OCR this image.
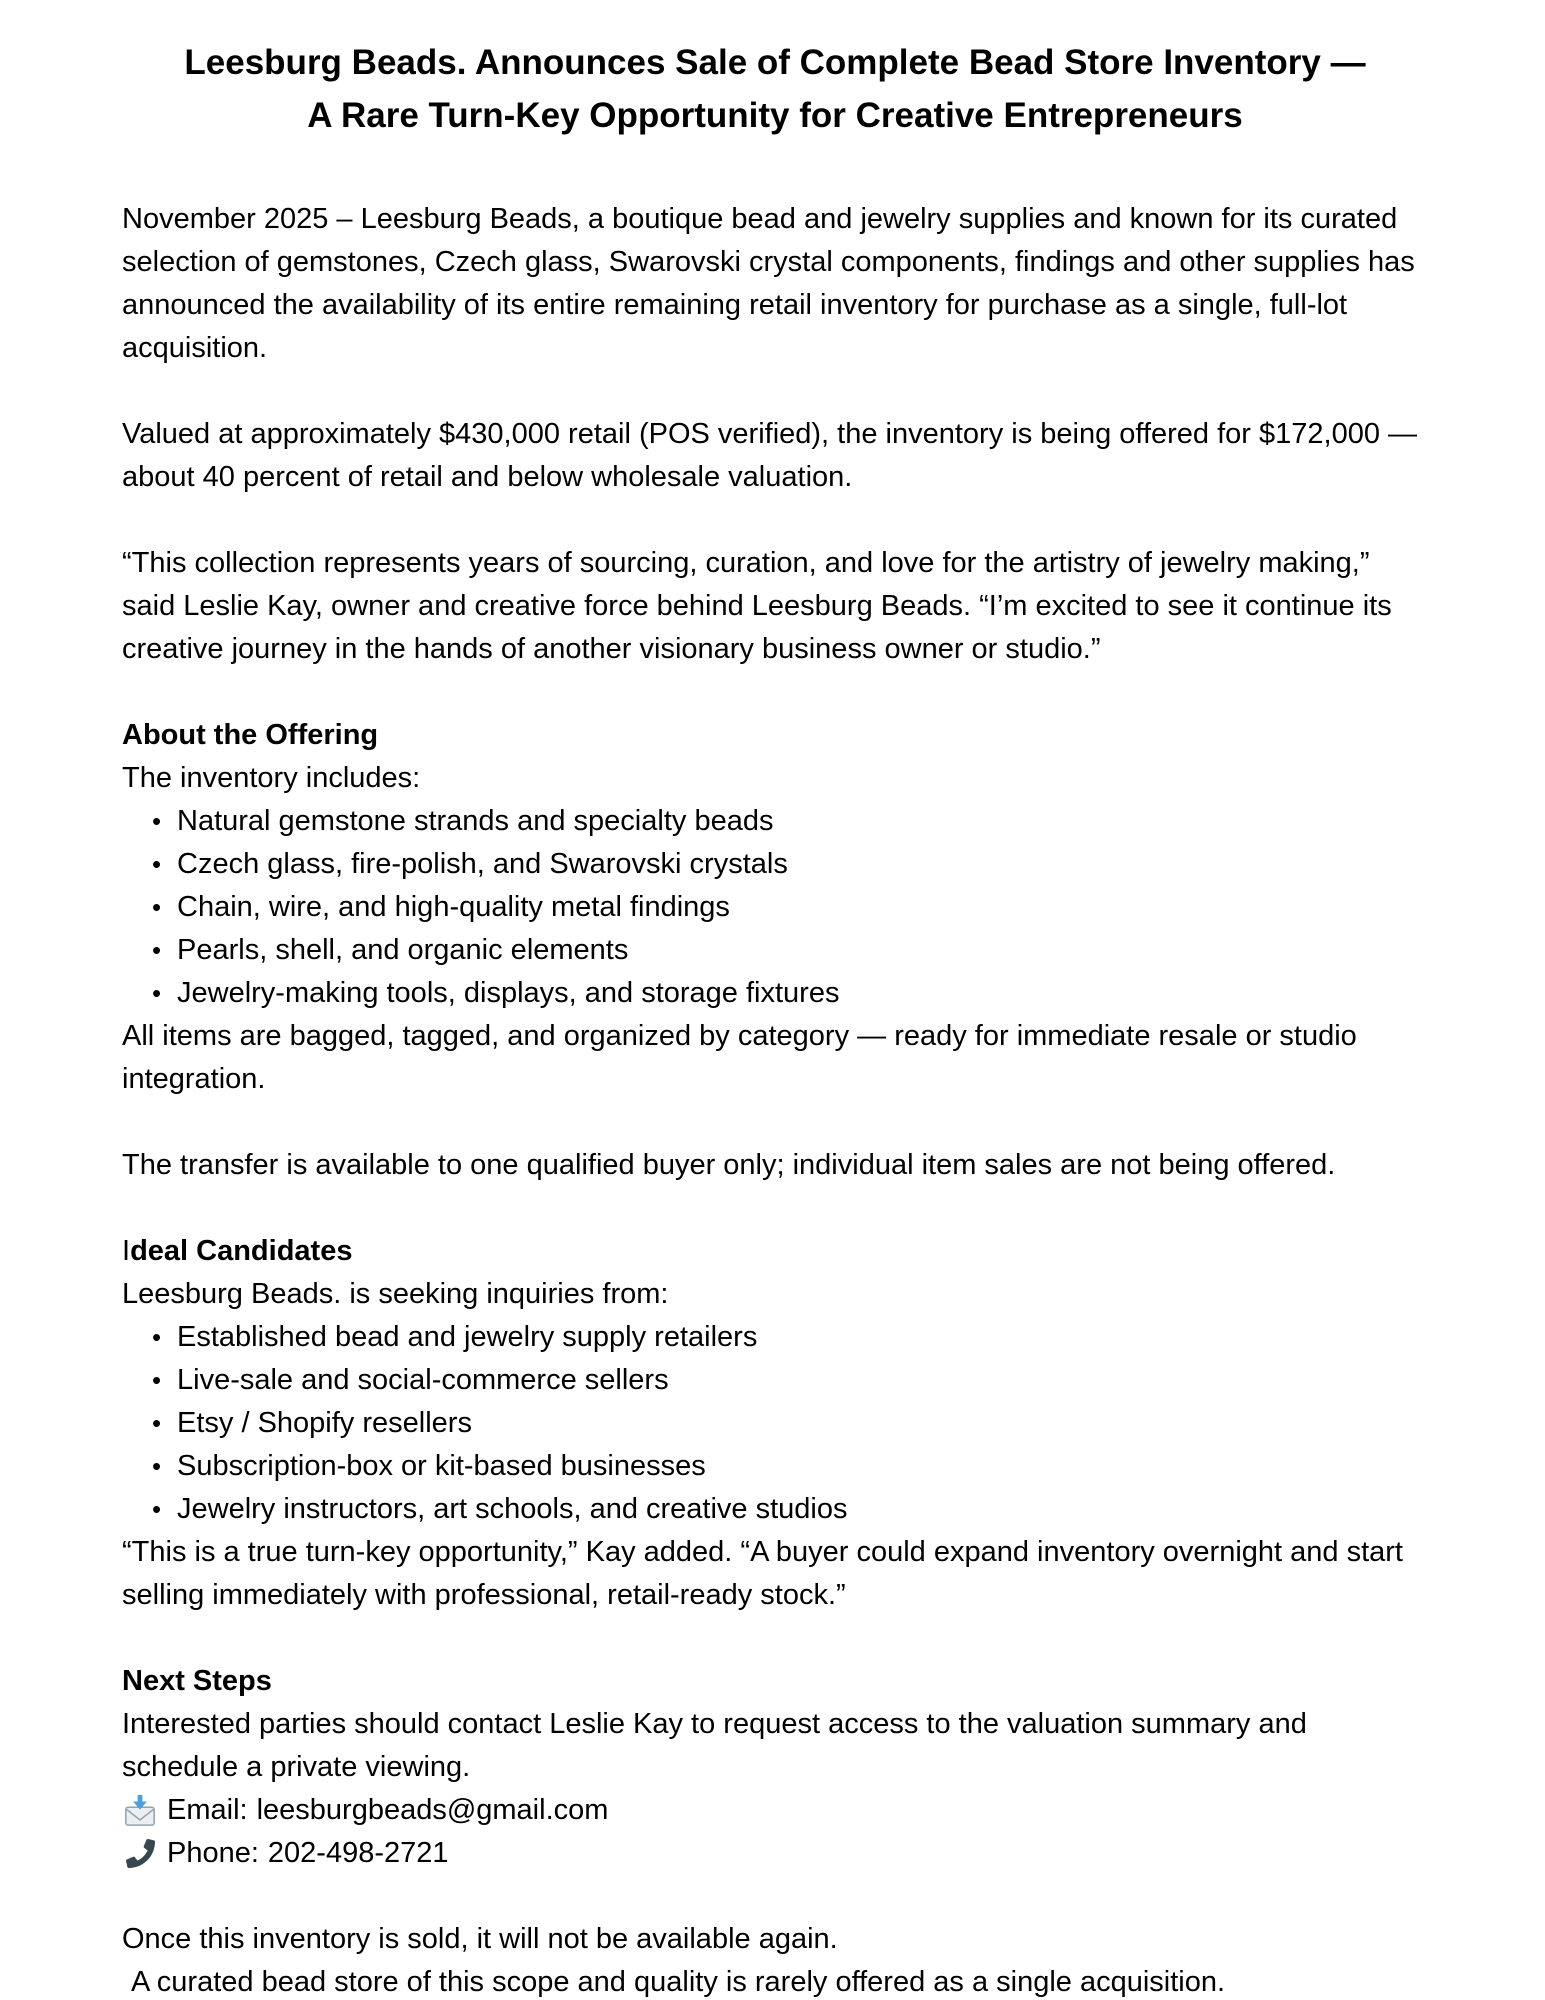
Leesburg Beads. Announces Sale of Complete Bead Store Inventory —
A Rare Turn-Key Opportunity for Creative Entrepreneurs

November 2025 – Leesburg Beads, a boutique bead and jewelry supplies and known for its curated selection of gemstones, Czech glass, Swarovski crystal components, findings and other supplies has announced the availability of its entire remaining retail inventory for purchase as a single, full-lot acquisition.

Valued at approximately $430,000 retail (POS verified), the inventory is being offered for $172,000 — about 40 percent of retail and below wholesale valuation.

“This collection represents years of sourcing, curation, and love for the artistry of jewelry making,” said Leslie Kay, owner and creative force behind Leesburg Beads. “I’m excited to see it continue its creative journey in the hands of another visionary business owner or studio.”

About the Offering

The inventory includes:

• Natural gemstone strands and specialty beads
• Czech glass, fire-polish, and Swarovski crystals
• Chain, wire, and high-quality metal findings
• Pearls, shell, and organic elements
• Jewelry-making tools, displays, and storage fixtures

All items are bagged, tagged, and organized by category — ready for immediate resale or studio integration.

The transfer is available to one qualified buyer only; individual item sales are not being offered.

Ideal Candidates

Leesburg Beads. is seeking inquiries from:

• Established bead and jewelry supply retailers
• Live-sale and social-commerce sellers
• Etsy / Shopify resellers
• Subscription-box or kit-based businesses
• Jewelry instructors, art schools, and creative studios

“This is a true turn-key opportunity,” Kay added. “A buyer could expand inventory overnight and start selling immediately with professional, retail-ready stock.”

Next Steps

Interested parties should contact Leslie Kay to request access to the valuation summary and schedule a private viewing.

Email: leesburgbeads@gmail.com
Phone: 202-498-2721

Once this inventory is sold, it will not be available again.

A curated bead store of this scope and quality is rarely offered as a single acquisition.
